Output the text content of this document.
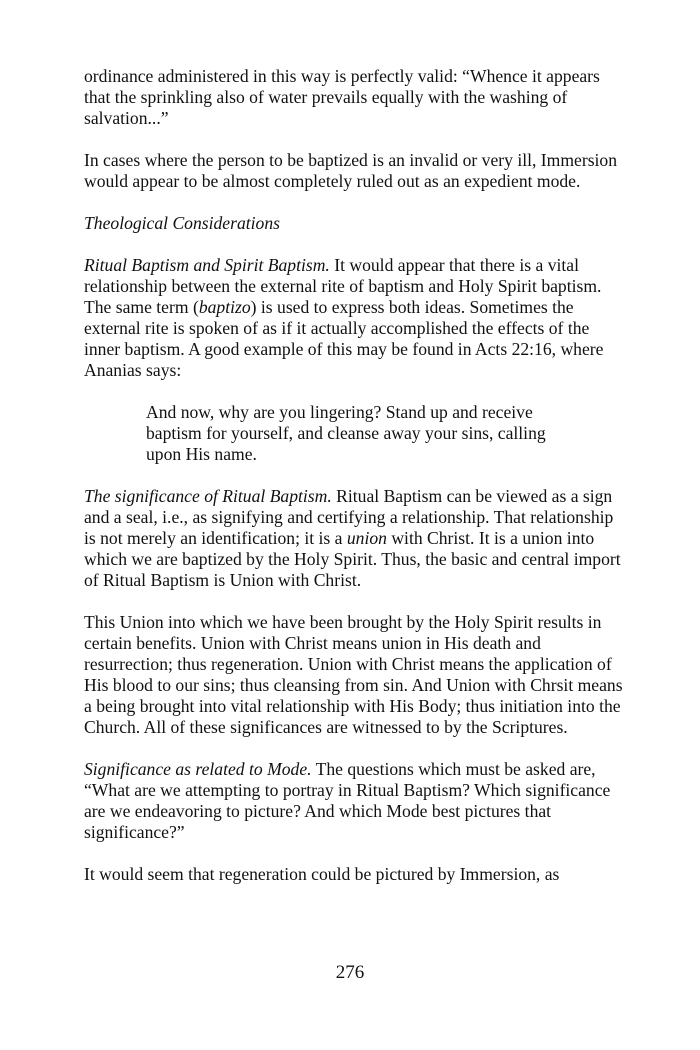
ordinance administered in this way is perfectly valid: “Whence it appears that the sprinkling also of water prevails equally with the washing of salvation...”

In cases where the person to be baptized is an invalid or very ill, Immersion would appear to be almost completely ruled out as an expedient mode.

Theological Considerations

Ritual Baptism and Spirit Baptism. It would appear that there is a vital relationship between the external rite of baptism and Holy Spirit baptism. The same term (baptizo) is used to express both ideas. Sometimes the external rite is spoken of as if it actually accomplished the effects of the inner baptism. A good example of this may be found in Acts 22:16, where Ananias says:

And now, why are you lingering? Stand up and receive baptism for yourself, and cleanse away your sins, calling upon His name.

The significance of Ritual Baptism. Ritual Baptism can be viewed as a sign and a seal, i.e., as signifying and certifying a relationship. That relationship is not merely an identification; it is a union with Christ. It is a union into which we are baptized by the Holy Spirit. Thus, the basic and central import of Ritual Baptism is Union with Christ.

This Union into which we have been brought by the Holy Spirit results in certain benefits. Union with Christ means union in His death and resurrection; thus regeneration. Union with Christ means the application of His blood to our sins; thus cleansing from sin. And Union with Chrsit means a being brought into vital relationship with His Body; thus initiation into the Church. All of these significances are witnessed to by the Scriptures.

Significance as related to Mode. The questions which must be asked are, “What are we attempting to portray in Ritual Baptism? Which significance are we endeavoring to picture? And which Mode best pictures that significance?”

It would seem that regeneration could be pictured by Immersion, as

276
